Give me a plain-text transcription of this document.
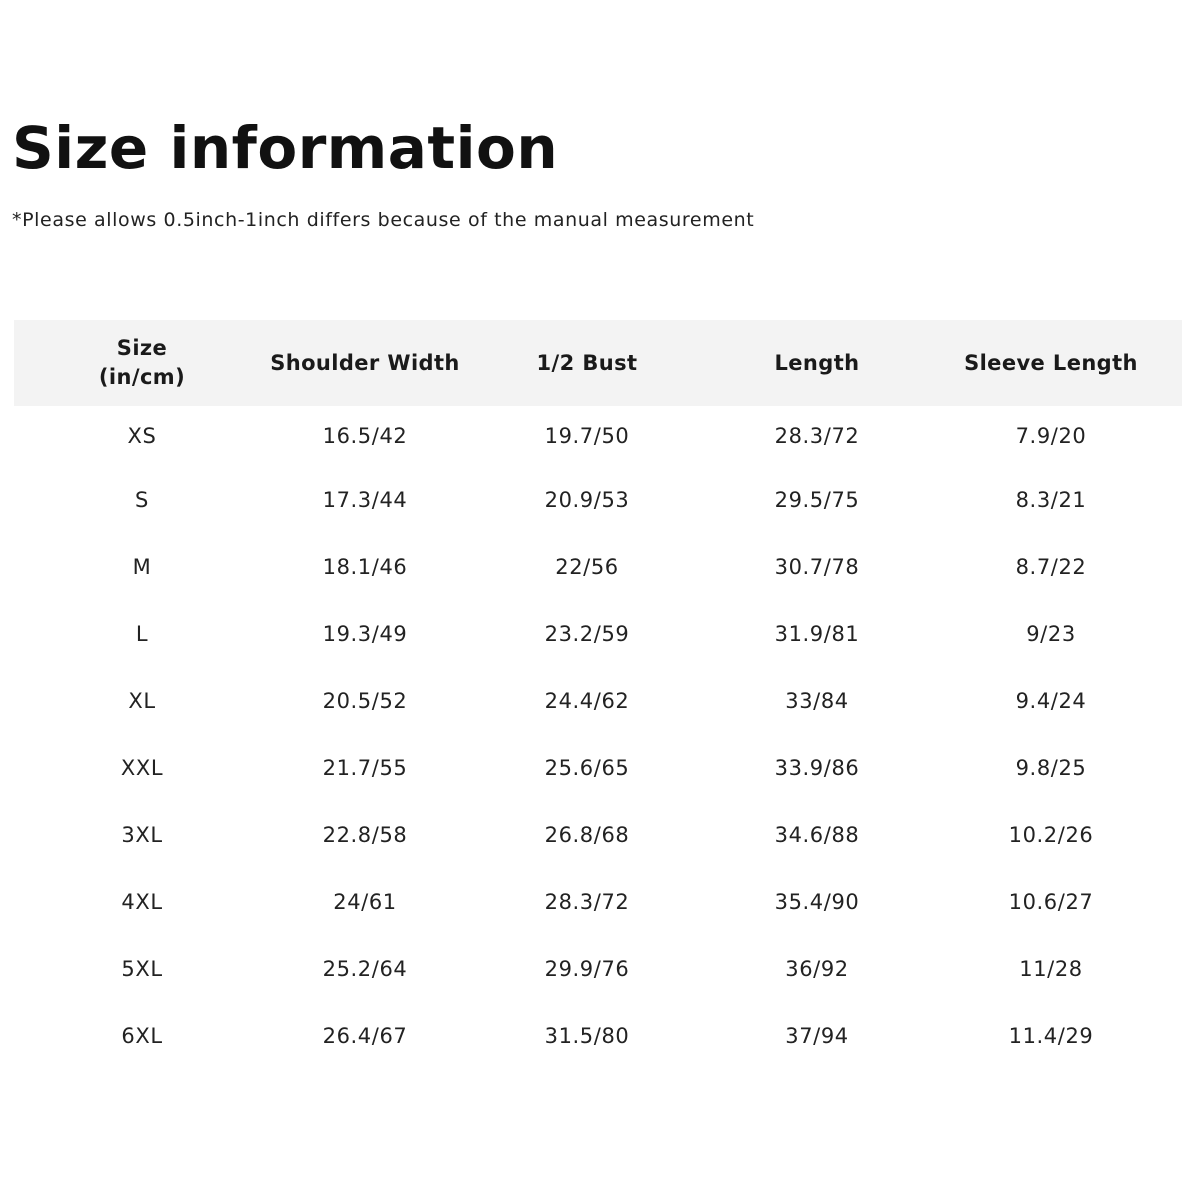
Size information

*Please allows 0.5inch-1inch differs because of the manual measurement

Size
(in/cm)	Shoulder Width	1/2 Bust	Length	Sleeve Length
XS	16.5/42	19.7/50	28.3/72	7.9/20
S	17.3/44	20.9/53	29.5/75	8.3/21
M	18.1/46	22/56	30.7/78	8.7/22
L	19.3/49	23.2/59	31.9/81	9/23
XL	20.5/52	24.4/62	33/84	9.4/24
XXL	21.7/55	25.6/65	33.9/86	9.8/25
3XL	22.8/58	26.8/68	34.6/88	10.2/26
4XL	24/61	28.3/72	35.4/90	10.6/27
5XL	25.2/64	29.9/76	36/92	11/28
6XL	26.4/67	31.5/80	37/94	11.4/29
